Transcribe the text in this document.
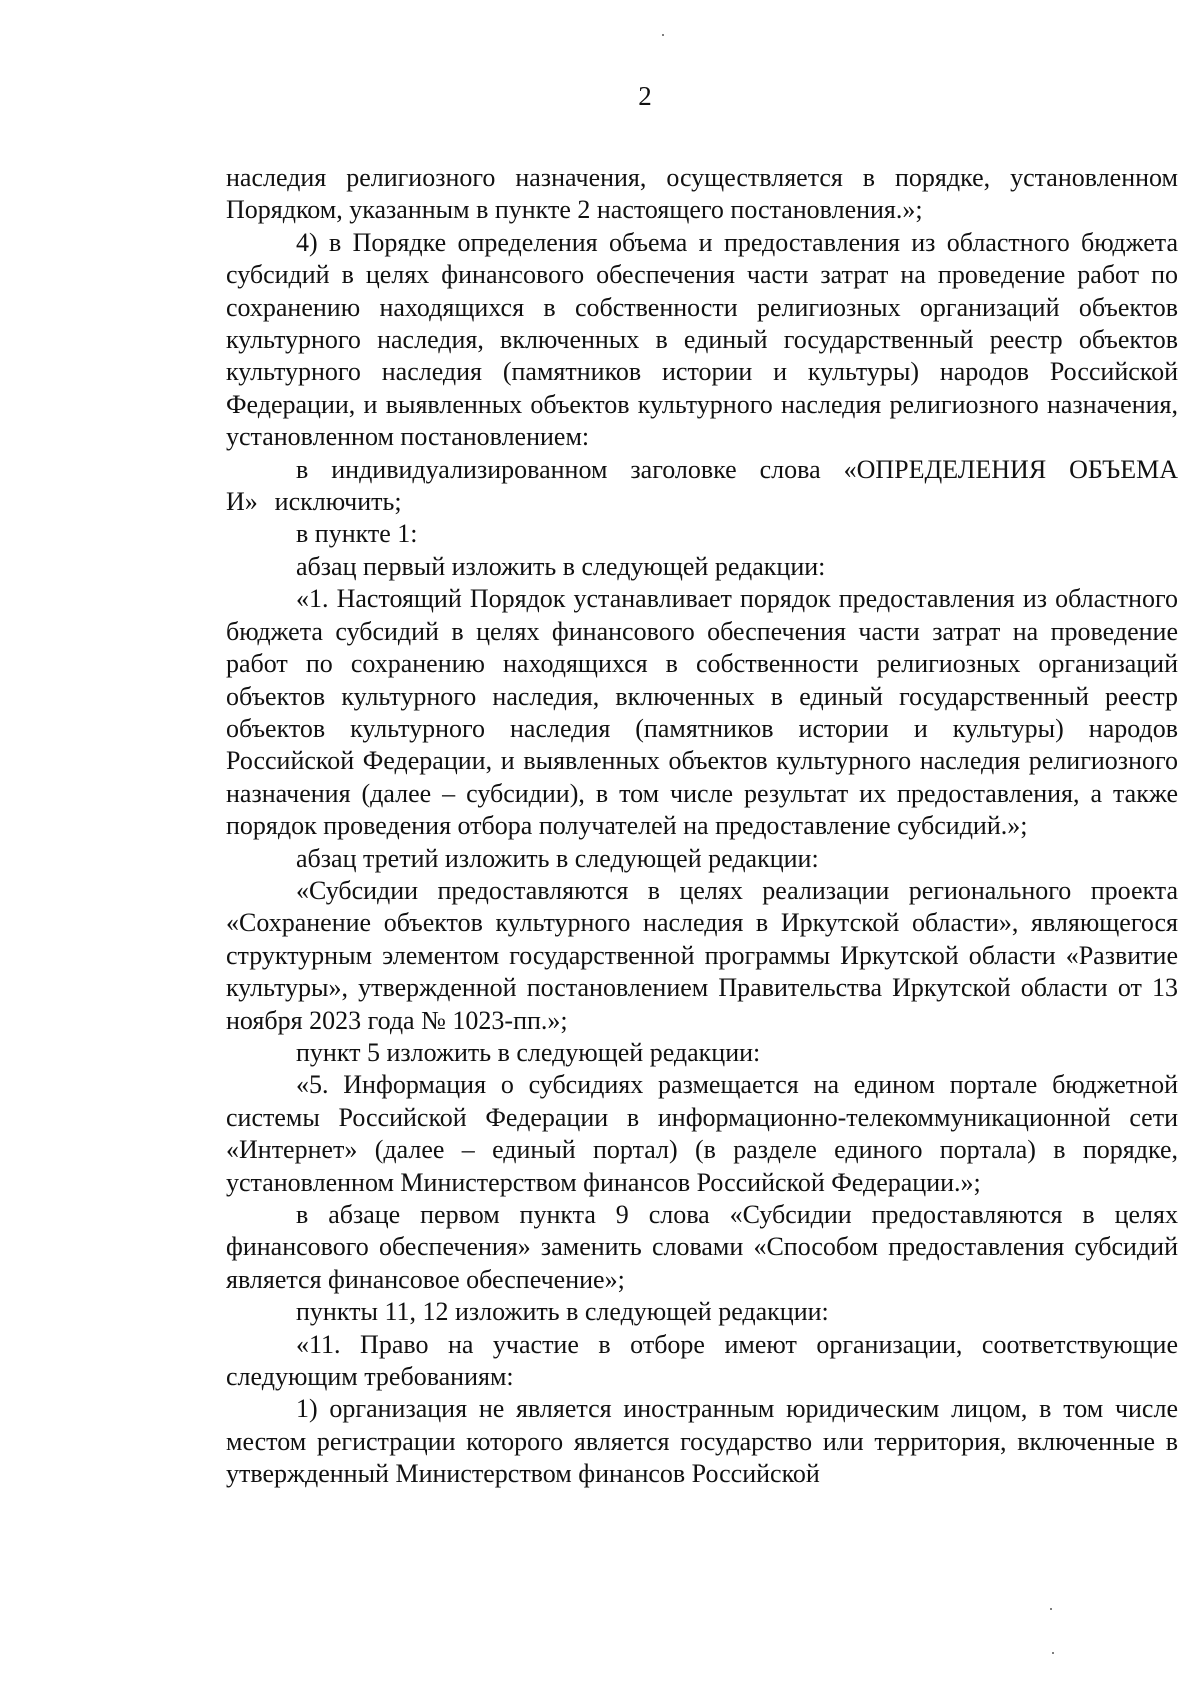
2

наследия религиозного назначения, осуществляется в порядке, установленном Порядком, указанным в пункте 2 настоящего постановления.»;

4) в Порядке определения объема и предоставления из областного бюджета субсидий в целях финансового обеспечения части затрат на проведение работ по сохранению находящихся в собственности религиозных организаций объектов культурного наследия, включенных в единый государственный реестр объектов культурного наследия (памятников истории и культуры) народов Российской Федерации, и выявленных объектов культурного наследия религиозного назначения, установленном постановлением:

в индивидуализированном заголовке слова «ОПРЕДЕЛЕНИЯ ОБЪЕМА И» исключить;

в пункте 1:

абзац первый изложить в следующей редакции:

«1. Настоящий Порядок устанавливает порядок предоставления из областного бюджета субсидий в целях финансового обеспечения части затрат на проведение работ по сохранению находящихся в собственности религиозных организаций объектов культурного наследия, включенных в единый государственный реестр объектов культурного наследия (памятников истории и культуры) народов Российской Федерации, и выявленных объектов культурного наследия религиозного назначения (далее – субсидии), в том числе результат их предоставления, а также порядок проведения отбора получателей на предоставление субсидий.»;

абзац третий изложить в следующей редакции:

«Субсидии предоставляются в целях реализации регионального проекта «Сохранение объектов культурного наследия в Иркутской области», являющегося структурным элементом государственной программы Иркутской области «Развитие культуры», утвержденной постановлением Правительства Иркутской области от 13 ноября 2023 года № 1023-пп.»;

пункт 5 изложить в следующей редакции:

«5. Информация о субсидиях размещается на едином портале бюджетной системы Российской Федерации в информационно-телекоммуникационной сети «Интернет» (далее – единый портал) (в разделе единого портала) в порядке, установленном Министерством финансов Российской Федерации.»;

в абзаце первом пункта 9 слова «Субсидии предоставляются в целях финансового обеспечения» заменить словами «Способом предоставления субсидий является финансовое обеспечение»;

пункты 11, 12 изложить в следующей редакции:

«11. Право на участие в отборе имеют организации, соответствующие следующим требованиям:

1) организация не является иностранным юридическим лицом, в том числе местом регистрации которого является государство или территория, включенные в утвержденный Министерством финансов Российской
